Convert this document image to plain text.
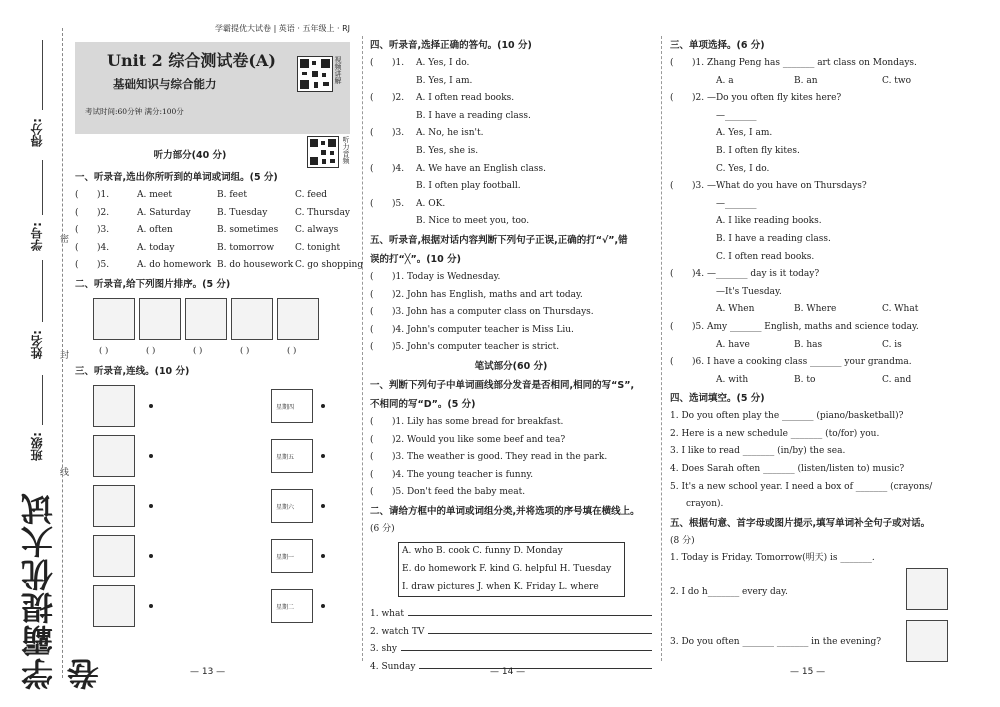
学霸提优大试卷
得分:
学号:
姓名:
班级:
密
封
线
学霸提优大试卷 | 英语 · 五年级上 · RJ
Unit 2 综合测试卷(A)
基础知识与综合能力
考试时间:60分钟 满分:100分
视频讲解
听力音频
听力部分(40 分)
一、听录音,选出你所听到的单词或词组。(5 分)
(	)1.	A. meet	B. feet	C. feed
(	)2.	A. Saturday	B. Tuesday	C. Thursday
(	)3.	A. often	B. sometimes	C. always
(	)4.	A. today	B. tomorrow	C. tonight
(	)5.	A. do homework B. do housework C. go shopping
二、听录音,给下列图片排序。(5 分)
( )	( )	( )	( )	( )
三、听录音,连线。(10 分)
星期四
星期五
星期六
星期一
星期二
四、听录音,选择正确的答句。(10 分)
(	)1.	A. Yes, I do.
B. Yes, I am.
(	)2.	A. I often read books.
B. I have a reading class.
(	)3.	A. No, he isn't.
B. Yes, she is.
(	)4.	A. We have an English class.
B. I often play football.
(	)5.	A. OK.
B. Nice to meet you, too.
五、听录音,根据对话内容判断下列句子正误,正确的打“√”,错
误的打“╳”。(10 分)
(	)1. Today is Wednesday.
(	)2. John has English, maths and art today.
(	)3. John has a computer class on Thursdays.
(	)4. John's computer teacher is Miss Liu.
(	)5. John's computer teacher is strict.
笔试部分(60 分)
一、判断下列句子中单词画线部分发音是否相同,相同的写“S”,
不相同的写“D”。(5 分)
(	)1. Lily has some bread for breakfast.
(	)2. Would you like some beef and tea?
(	)3. The weather is good. They read in the park.
(	)4. The young teacher is funny.
(	)5. Don't feed the baby meat.
二、请给方框中的单词或词组分类,并将选项的序号填在横线上。
(6 分)
A. who B. cook C. funny D. Monday
E. do homework F. kind G. helpful H. Tuesday
I. draw pictures J. when K. Friday L. where
1. what
2. watch TV
3. shy
4. Sunday
三、单项选择。(6 分)
(	)1. Zhang Peng has _______ art class on Mondays.
A. a	B. an	C. two
(	)2. —Do you often fly kites here?
—_______
A. Yes, I am.
B. I often fly kites.
C. Yes, I do.
(	)3. —What do you have on Thursdays?
—_______
A. I like reading books.
B. I have a reading class.
C. I often read books.
(	)4. —_______ day is it today?
—It's Tuesday.
A. When	B. Where	C. What
(	)5. Amy _______ English, maths and science today.
A. have	B. has	C. is
(	)6. I have a cooking class _______ your grandma.
A. with	B. to	C. and
四、选词填空。(5 分)
1. Do you often play the _______ (piano/basketball)?
2. Here is a new schedule _______ (to/for) you.
3. I like to read _______ (in/by) the sea.
4. Does Sarah often _______ (listen/listen to) music?
5. It's a new school year. I need a box of _______ (crayons/
crayon).
五、根据句意、首字母或图片提示,填写单词补全句子或对话。
(8 分)
1. Today is Friday. Tomorrow(明天) is _______.
2. I do h_______ every day.
3. Do you often _______ _______ in the evening?
— 13 —	— 14 —	— 15 —
